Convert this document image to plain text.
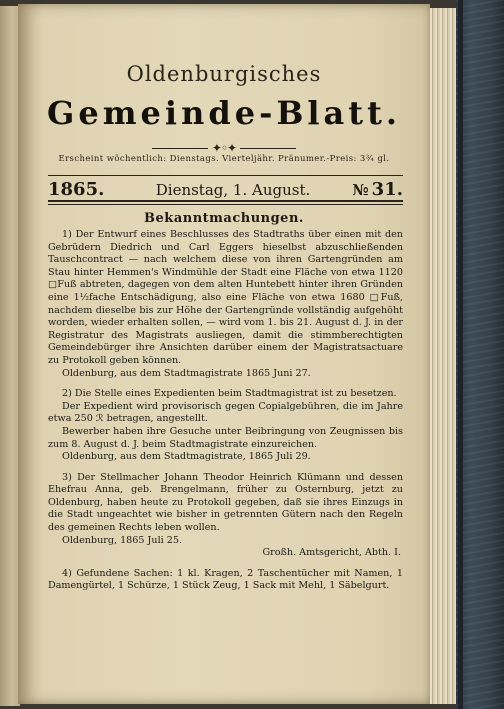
Oldenburgisches
Gemeinde-Blatt.
✦◦✦
Erscheint wöchentlich: Dienstags. Vierteljähr. Pränumer.-Preis: 3¾ gl.
1865.	Dienstag, 1. August.	№ 31.
Bekanntmachungen.

1) Der Entwurf eines Beschlusses des Stadtraths über einen mit den Gebrüdern Diedrich und Carl Eggers hieselbst abzuschließenden Tauschcontract — nach welchem diese von ihren Gartengründen am Stau hinter Hemmen's Windmühle der Stadt eine Fläche von etwa 1120 □Fuß abtreten, dagegen von dem alten Huntebett hinter ihren Gründen eine 1½fache Entschädigung, also eine Fläche von etwa 1680 □Fuß, nachdem dieselbe bis zur Höhe der Gartengründe vollständig aufgehöht worden, wieder erhalten sollen, — wird vom 1. bis 21. August d. J. in der Registratur des Magistrats ausliegen, damit die stimmberechtigten Gemeindebürger ihre Ansichten darüber einem der Magistratsactuare zu Protokoll geben können.

Oldenburg, aus dem Stadtmagistrate 1865 Juni 27.

2) Die Stelle eines Expedienten beim Stadtmagistrat ist zu besetzen.

Der Expedient wird provisorisch gegen Copialgebühren, die im Jahre etwa 250 ℛ betragen, angestellt.

Bewerber haben ihre Gesuche unter Beibringung von Zeugnissen bis zum 8. August d. J. beim Stadtmagistrate einzureichen.

Oldenburg, aus dem Stadtmagistrate, 1865 Juli 29.

3) Der Stellmacher Johann Theodor Heinrich Klümann und dessen Ehefrau Anna, geb. Brengelmann, früher zu Osternburg, jetzt zu Oldenburg, haben heute zu Protokoll gegeben, daß sie ihres Einzugs in die Stadt ungeachtet wie bisher in getrennten Gütern nach den Regeln des gemeinen Rechts leben wollen.

Oldenburg, 1865 Juli 25.

Großh. Amtsgericht, Abth. I.

4) Gefundene Sachen: 1 kl. Kragen, 2 Taschentücher mit Namen, 1 Damengürtel, 1 Schürze, 1 Stück Zeug, 1 Sack mit Mehl, 1 Säbelgurt.
